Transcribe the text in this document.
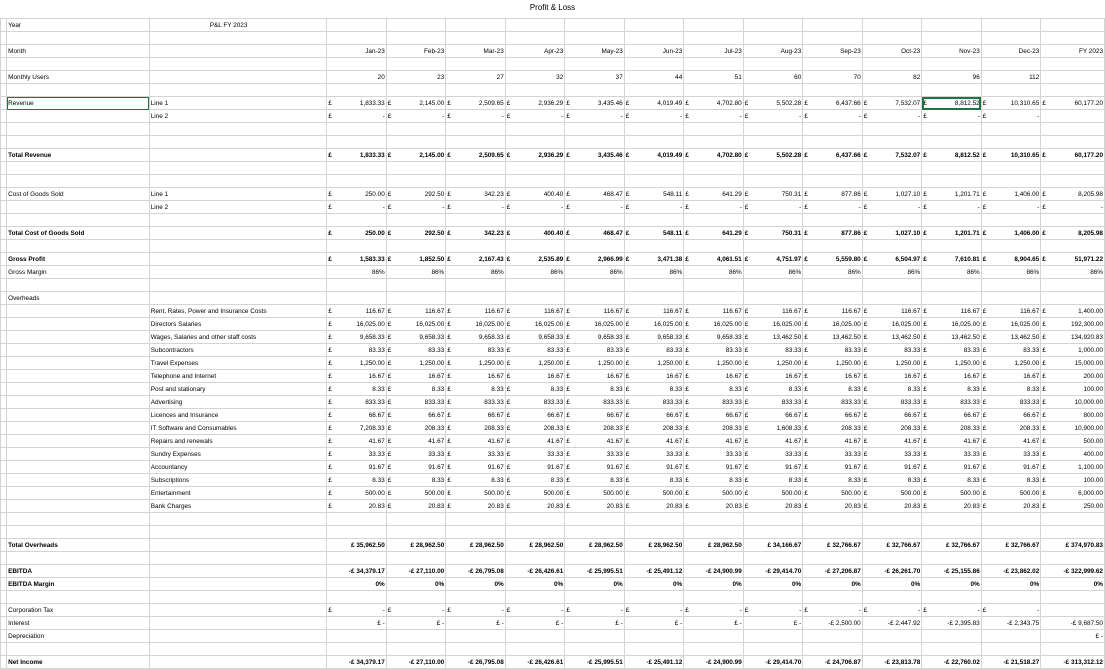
Profit & Loss
	Year	P&L FY 2023													

	Month		Jan-23	Feb-23	Mar-23	Apr-23	May-23	Jun-23	Jul-23	Aug-23	Sep-23	Oct-23	Nov-23	Dec-23	FY 2023

	Monthly Users		20	23	27	32	37	44	51	60	70	82	96	112	

	Revenue	Line 1	£ 1,833.33	£ 2,145.00	£ 2,509.65	£ 2,936.29	£ 3,435.46	£ 4,019.49	£ 4,702.80	£ 5,502.28	£ 6,437.66	£ 7,532.07	£ 8,812.52	£ 10,310.65	£ 60,177.20

		Line 2	£ -	£ -	£ -	£ -	£ -	£ -	£ -	£ -	£ -	£ -	£ -	£ -	

	Total Revenue		£ 1,833.33	£ 2,145.00	£ 2,509.65	£ 2,936.29	£ 3,435.46	£ 4,019.49	£ 4,702.80	£ 5,502.28	£ 6,437.66	£ 7,532.07	£ 8,812.52	£ 10,310.65	£ 60,177.20

	Cost of Goods Sold	Line 1	£ 250.00	£ 292.50	£ 342.23	£ 400.40	£ 468.47	£ 548.11	£ 641.29	£ 750.31	£ 877.86	£ 1,027.10	£ 1,201.71	£ 1,406.00	£ 8,205.98

		Line 2	£ -	£ -	£ -	£ -	£ -	£ -	£ -	£ -	£ -	£ -	£ -	£ -	£ -

	Total Cost of Goods Sold		£ 250.00	£ 292.50	£ 342.23	£ 400.40	£ 468.47	£ 548.11	£ 641.29	£ 750.31	£ 877.86	£ 1,027.10	£ 1,201.71	£ 1,406.00	£ 8,205.98

	Gross Profit		£ 1,583.33	£ 1,852.50	£ 2,167.43	£ 2,535.89	£ 2,966.99	£ 3,471.38	£ 4,061.51	£ 4,751.97	£ 5,559.80	£ 6,504.97	£ 7,610.81	£ 8,904.65	£ 51,971.22

	Gross Margin		86%	86%	86%	86%	86%	86%	86%	86%	86%	86%	86%	86%	86%

	Overheads														
		Rent, Rates, Power and Insurance Costs	£ 116.67	£ 116.67	£ 116.67	£ 116.67	£ 116.67	£ 116.67	£ 116.67	£ 116.67	£ 116.67	£ 116.67	£ 116.67	£ 116.67	£ 1,400.00

		Directors Salaries	£ 16,025.00	£ 16,025.00	£ 16,025.00	£ 16,025.00	£ 16,025.00	£ 16,025.00	£ 16,025.00	£ 16,025.00	£ 16,025.00	£ 16,025.00	£ 16,025.00	£ 16,025.00	£ 192,300.00

		Wages, Salaries and other staff costs	£ 9,658.33	£ 9,658.33	£ 9,658.33	£ 9,658.33	£ 9,658.33	£ 9,658.33	£ 9,658.33	£ 13,462.50	£ 13,462.50	£ 13,462.50	£ 13,462.50	£ 13,462.50	£ 134,920.83

		Subcontractors	£ 83.33	£ 83.33	£ 83.33	£ 83.33	£ 83.33	£ 83.33	£ 83.33	£ 83.33	£ 83.33	£ 83.33	£ 83.33	£ 83.33	£ 1,000.00

		Travel Expenses	£ 1,250.00	£ 1,250.00	£ 1,250.00	£ 1,250.00	£ 1,250.00	£ 1,250.00	£ 1,250.00	£ 1,250.00	£ 1,250.00	£ 1,250.00	£ 1,250.00	£ 1,250.00	£ 15,000.00

		Telephone and Internet	£ 16.67	£ 16.67	£ 16.67	£ 16.67	£ 16.67	£ 16.67	£ 16.67	£ 16.67	£ 16.67	£ 16.67	£ 16.67	£ 16.67	£ 200.00

		Post and stationary	£ 8.33	£ 8.33	£ 8.33	£ 8.33	£ 8.33	£ 8.33	£ 8.33	£ 8.33	£ 8.33	£ 8.33	£ 8.33	£ 8.33	£ 100.00

		Advertising	£ 833.33	£ 833.33	£ 833.33	£ 833.33	£ 833.33	£ 833.33	£ 833.33	£ 833.33	£ 833.33	£ 833.33	£ 833.33	£ 833.33	£ 10,000.00

		Licences and Insurance	£ 66.67	£ 66.67	£ 66.67	£ 66.67	£ 66.67	£ 66.67	£ 66.67	£ 66.67	£ 66.67	£ 66.67	£ 66.67	£ 66.67	£ 800.00

		IT Software and Consumables	£ 7,208.33	£ 208.33	£ 208.33	£ 208.33	£ 208.33	£ 208.33	£ 208.33	£ 1,608.33	£ 208.33	£ 208.33	£ 208.33	£ 208.33	£ 10,900.00

		Repairs and renewals	£ 41.67	£ 41.67	£ 41.67	£ 41.67	£ 41.67	£ 41.67	£ 41.67	£ 41.67	£ 41.67	£ 41.67	£ 41.67	£ 41.67	£ 500.00

		Sundry Expenses	£ 33.33	£ 33.33	£ 33.33	£ 33.33	£ 33.33	£ 33.33	£ 33.33	£ 33.33	£ 33.33	£ 33.33	£ 33.33	£ 33.33	£ 400.00

		Accountancy	£ 91.67	£ 91.67	£ 91.67	£ 91.67	£ 91.67	£ 91.67	£ 91.67	£ 91.67	£ 91.67	£ 91.67	£ 91.67	£ 91.67	£ 1,100.00

		Subscriptions	£ 8.33	£ 8.33	£ 8.33	£ 8.33	£ 8.33	£ 8.33	£ 8.33	£ 8.33	£ 8.33	£ 8.33	£ 8.33	£ 8.33	£ 100.00

		Entertainment	£ 500.00	£ 500.00	£ 500.00	£ 500.00	£ 500.00	£ 500.00	£ 500.00	£ 500.00	£ 500.00	£ 500.00	£ 500.00	£ 500.00	£ 6,000.00

		Bank Charges	£ 20.83	£ 20.83	£ 20.83	£ 20.83	£ 20.83	£ 20.83	£ 20.83	£ 20.83	£ 20.83	£ 20.83	£ 20.83	£ 20.83	£ 250.00

	Total Overheads		£ 35,962.50	£ 28,962.50	£ 28,962.50	£ 28,962.50	£ 28,962.50	£ 28,962.50	£ 28,962.50	£ 34,166.67	£ 32,766.67	£ 32,766.67	£ 32,766.67	£ 32,766.67	£ 374,970.83

	EBITDA		-£ 34,379.17	-£ 27,110.00	-£ 26,795.08	-£ 26,426.61	-£ 25,995.51	-£ 25,491.12	-£ 24,900.99	-£ 29,414.70	-£ 27,206.87	-£ 26,261.70	-£ 25,155.86	-£ 23,862.02	-£ 322,999.62
	EBITDA Margin		0%	0%	0%	0%	0%	0%	0%	0%	0%	0%	0%	0%	0%

	Corporation Tax		£ -	£ -	£ -	£ -	£ -	£ -	£ -	£ -	£ -	£ -	£ -	£ -	

	Interest		£ -	£ -	£ -	£ -	£ -	£ -	£ -	£ -	-£ 2,500.00	-£ 2,447.92	-£ 2,395.83	-£ 2,343.75	-£ 9,687.50
	Depreciation														£ -

	Net Income		-£ 34,379.17	-£ 27,110.00	-£ 26,795.08	-£ 26,426.61	-£ 25,995.51	-£ 25,491.12	-£ 24,900.99	-£ 29,414.70	-£ 24,706.87	-£ 23,813.78	-£ 22,760.02	-£ 21,518.27	-£ 313,312.12
